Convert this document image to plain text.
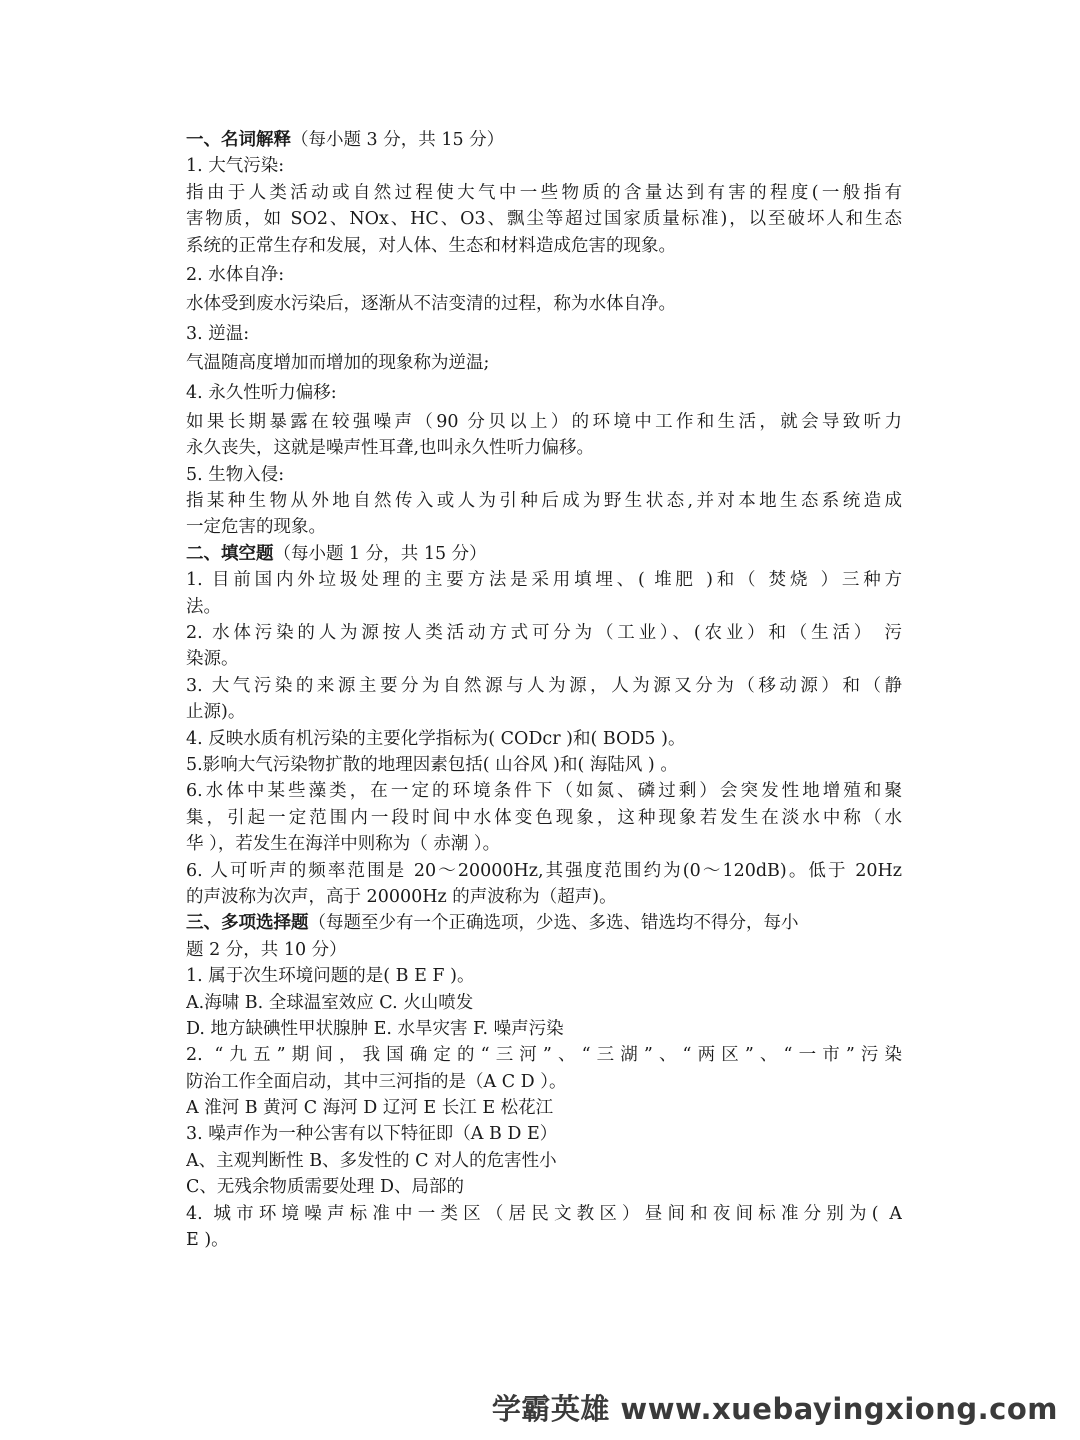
一、名词解释（每小题 3 分，共 15 分）
1. 大气污染:
指由于人类活动或自然过程使大气中一些物质的含量达到有害的程度(一般指有
害物质，如 SO2、NOx、HC、O3、飘尘等超过国家质量标准)，以至破坏人和生态
系统的正常生存和发展，对人体、生态和材料造成危害的现象。
2. 水体自净:
水体受到废水污染后，逐渐从不洁变清的过程，称为水体自净。
3. 逆温:
气温随高度增加而增加的现象称为逆温;
4. 永久性听力偏移:
如果长期暴露在较强噪声（90 分贝以上）的环境中工作和生活，就会导致听力
永久丧失，这就是噪声性耳聋,也叫永久性听力偏移。
5. 生物入侵:
指某种生物从外地自然传入或人为引种后成为野生状态,并对本地生态系统造成
一定危害的现象。
二、填空题（每小题 1 分，共 15 分）
1. 目前国内外垃圾处理的主要方法是采用填埋、( 堆肥 )和（ 焚烧 ）三种方
法。
2. 水体污染的人为源按人类活动方式可分为（工业）、(农业）和（生活） 污
染源。
3. 大气污染的来源主要分为自然源与人为源，人为源又分为（移动源）和（静
止源)。
4. 反映水质有机污染的主要化学指标为( CODcr )和( BOD5 )。
5.影响大气污染物扩散的地理因素包括( 山谷风 )和( 海陆风 ) 。
6.水体中某些藻类，在一定的环境条件下（如氮、磷过剩）会突发性地增殖和聚
集，引起一定范围内一段时间中水体变色现象，这种现象若发生在淡水中称（水
华 ），若发生在海洋中则称为（ 赤潮 ）。
6. 人可听声的频率范围是 20～20000Hz,其强度范围约为(0～120dB)。低于 20Hz
的声波称为次声，高于 20000Hz 的声波称为（超声)。
三、多项选择题（每题至少有一个正确选项，少选、多选、错选均不得分，每小
题 2 分，共 10 分）
1. 属于次生环境问题的是( B E F )。
A.海啸 B. 全球温室效应 C. 火山喷发
D. 地方缺碘性甲状腺肿 E. 水旱灾害 F. 噪声污染
2. “九五”期间，我国确定的“三河”、“三湖”、“两区”、“一市”污染
防治工作全面启动，其中三河指的是（A C D ）。
A 淮河 B 黄河 C 海河 D 辽河 E 长江 E 松花江
3. 噪声作为一种公害有以下特征即（A B D E）
A、主观判断性 B、多发性的 C 对人的危害性小
C、无残余物质需要处理 D、局部的
4. 城市环境噪声标准中一类区（居民文教区）昼间和夜间标准分别为( A
E )。
学霸英雄 www.xuebayingxiong.com
